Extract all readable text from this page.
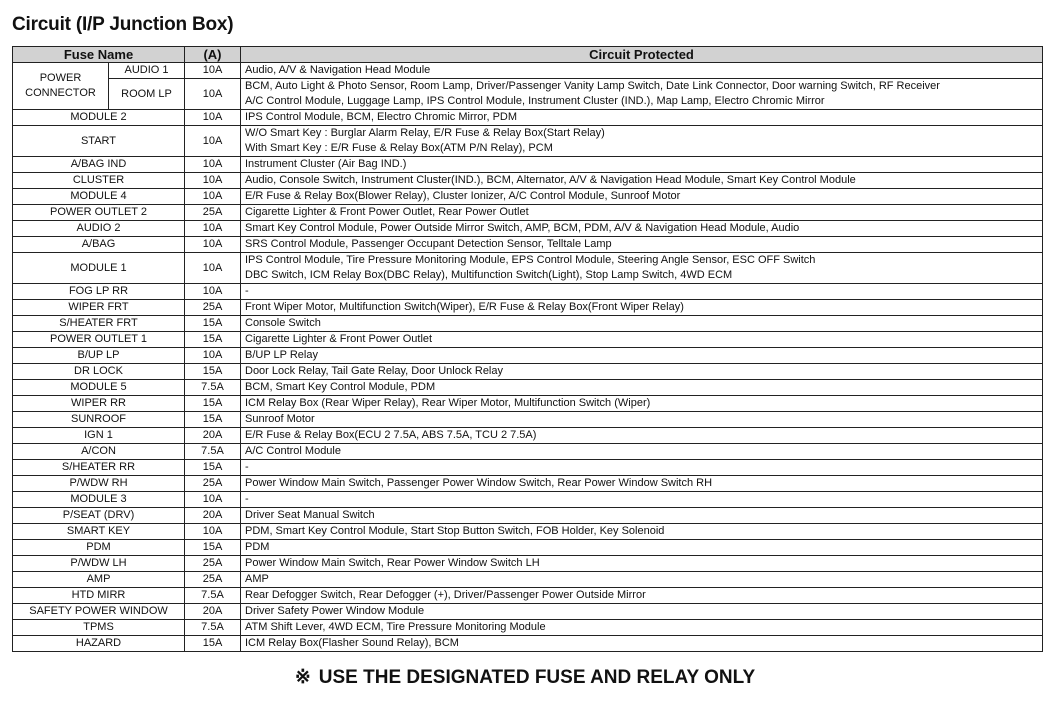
Circuit (I/P Junction Box)
Fuse Name		(A)	Circuit Protected
POWER CONNECTOR	AUDIO 1	10A	Audio, A/V & Navigation Head Module

	ROOM LP	10A	BCM, Auto Light & Photo Sensor, Room Lamp, Driver/Passenger Vanity Lamp Switch, Date Link Connector, Door warning Switch, RF Receiver
A/C Control Module, Luggage Lamp, IPS Control Module, Instrument Cluster (IND.), Map Lamp, Electro Chromic Mirror

MODULE 2		10A	IPS Control Module, BCM, Electro Chromic Mirror, PDM

START		10A	W/O Smart Key : Burglar Alarm Relay, E/R Fuse & Relay Box(Start Relay)
With Smart Key : E/R Fuse & Relay Box(ATM P/N Relay), PCM

A/BAG IND		10A	Instrument Cluster (Air Bag IND.)

CLUSTER		10A	Audio, Console Switch, Instrument Cluster(IND.), BCM, Alternator, A/V & Navigation Head Module, Smart Key Control Module

MODULE 4		10A	E/R Fuse & Relay Box(Blower Relay), Cluster Ionizer, A/C Control Module, Sunroof Motor

POWER OUTLET 2		25A	Cigarette Lighter & Front Power Outlet, Rear Power Outlet

AUDIO 2		10A	Smart Key Control Module, Power Outside Mirror Switch, AMP, BCM, PDM, A/V & Navigation Head Module, Audio

A/BAG		10A	SRS Control Module, Passenger Occupant Detection Sensor, Telltale Lamp

MODULE 1		10A	IPS Control Module, Tire Pressure Monitoring Module, EPS Control Module, Steering Angle Sensor, ESC OFF Switch
DBC Switch, ICM Relay Box(DBC Relay), Multifunction Switch(Light), Stop Lamp Switch, 4WD ECM

FOG LP RR		10A	-

WIPER FRT		25A	Front Wiper Motor, Multifunction Switch(Wiper), E/R Fuse & Relay Box(Front Wiper Relay)

S/HEATER FRT		15A	Console Switch

POWER OUTLET 1		15A	Cigarette Lighter & Front Power Outlet

B/UP LP		10A	B/UP LP Relay

DR LOCK		15A	Door Lock Relay, Tail Gate Relay, Door Unlock Relay

MODULE 5		7.5A	BCM, Smart Key Control Module, PDM

WIPER RR		15A	ICM Relay Box (Rear Wiper Relay), Rear Wiper Motor, Multifunction Switch (Wiper)

SUNROOF		15A	Sunroof Motor

IGN 1		20A	E/R Fuse & Relay Box(ECU 2 7.5A, ABS 7.5A, TCU 2 7.5A)

A/CON		7.5A	A/C Control Module

S/HEATER RR		15A	-

P/WDW RH		25A	Power Window Main Switch, Passenger Power Window Switch, Rear Power Window Switch RH

MODULE 3		10A	-

P/SEAT (DRV)		20A	Driver Seat Manual Switch

SMART KEY		10A	PDM, Smart Key Control Module, Start Stop Button Switch, FOB Holder, Key Solenoid

PDM		15A	PDM

P/WDW LH		25A	Power Window Main Switch, Rear Power Window Switch LH

AMP		25A	AMP

HTD MIRR		7.5A	Rear Defogger Switch, Rear Defogger (+), Driver/Passenger Power Outside Mirror

SAFETY POWER WINDOW		20A	Driver Safety Power Window Module

TPMS		7.5A	ATM Shift Lever, 4WD ECM, Tire Pressure Monitoring Module

HAZARD		15A	ICM Relay Box(Flasher Sound Relay), BCM
※ USE THE DESIGNATED FUSE AND RELAY ONLY
